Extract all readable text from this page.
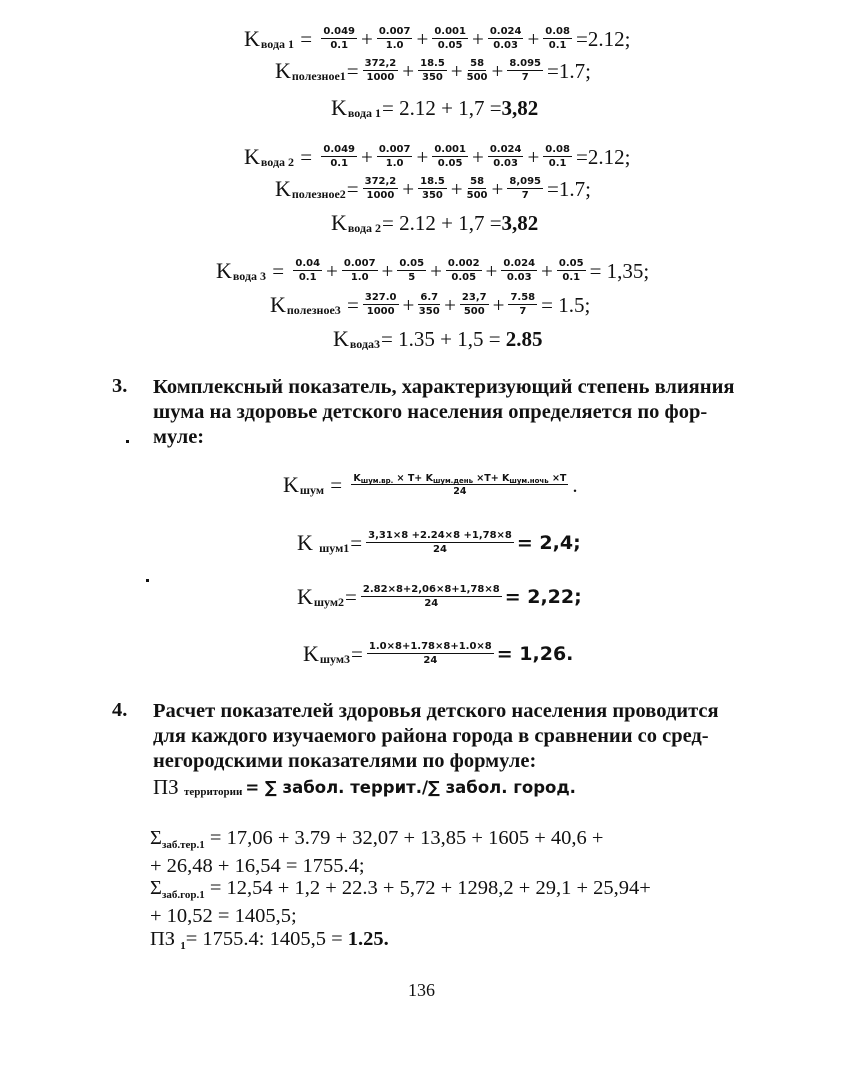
K вода $1 = \frac{0.049}{0.1} + \frac{0.007}{1.0} + \frac{0.001}{0.05} + \frac{0.024}{0.03} + \frac{0.08}{0.1} =2.12$;
K полезное1 = $\frac{372,2}{1000} + \frac{18.5}{350} + \frac{58}{500} + \frac{8.095}{7} =1.7$;
K вода 1 = 2.12 + 1,7 = 3,82
K вода $2 = \frac{0.049}{0.1} + \frac{0.007}{1.0} + \frac{0.001}{0.05} + \frac{0.024}{0.03} + \frac{0.08}{0.1} =2.12$;
K полезное2 = $\frac{372,2}{1000} + \frac{18.5}{350} + \frac{58}{500} + \frac{8,095}{7} =1.7$;
K вода 2 = 2.12 + 1,7 = 3,82
K вода $3 = \frac{0.04}{0.1} + \frac{0.007}{1.0} + \frac{0.05}{5} + \frac{0.002}{0.05} + \frac{0.024}{0.03} + \frac{0.05}{0.1} = 1,35$;
K полезное3 = $\frac{327.0}{1000} + \frac{6.7}{350} + \frac{23,7}{500} + \frac{7.58}{7} = 1.5$;
K вода3 = 1.35 + 1,5 =
2.85
3. Комплексный показатель, характеризующий степень влияния
шума на здоровье детского населения определяется по фор-
муле:
K шум = $\frac{K_{шум.вр.} \times T+ K_{шум.день} \times T+ K_{шум.ночь} \times T}{24}$ .
K
$шум1 = \frac{3,31\times 8 +2.24\times 8 +1,78\times 8}{24} = 2,4$;
K $шум2 = \frac{2.82\times 8+2,06\times 8+1,78\times 8}{24} = 2,22$;
K $шум3 = \frac{1.0\times 8+1.78\times 8+1.0\times 8}{24} = 1,26$.
4. Расчет показателей здоровья детского населения проводится
для каждого изучаемого района города в сравнении со сред-
негородскими показателями по формуле:
ПЗ
территории = ∑ забол. террит./∑ забол. город.
Σзаб.тер.1 = 17,06 + 3.79 + 32,07 + 13,85 + 1605 + 40,6 +
+ 26,48 + 16,54 = 1755.4;
Σзаб.гор.1 = 12,54 + 1,2 + 22.3 + 5,72 + 1298,2 + 29,1 + 25,94+
+ 10,52 = 1405,5;
ПЗ 1= 1755.4: 1405,5 = 1.25.
136
